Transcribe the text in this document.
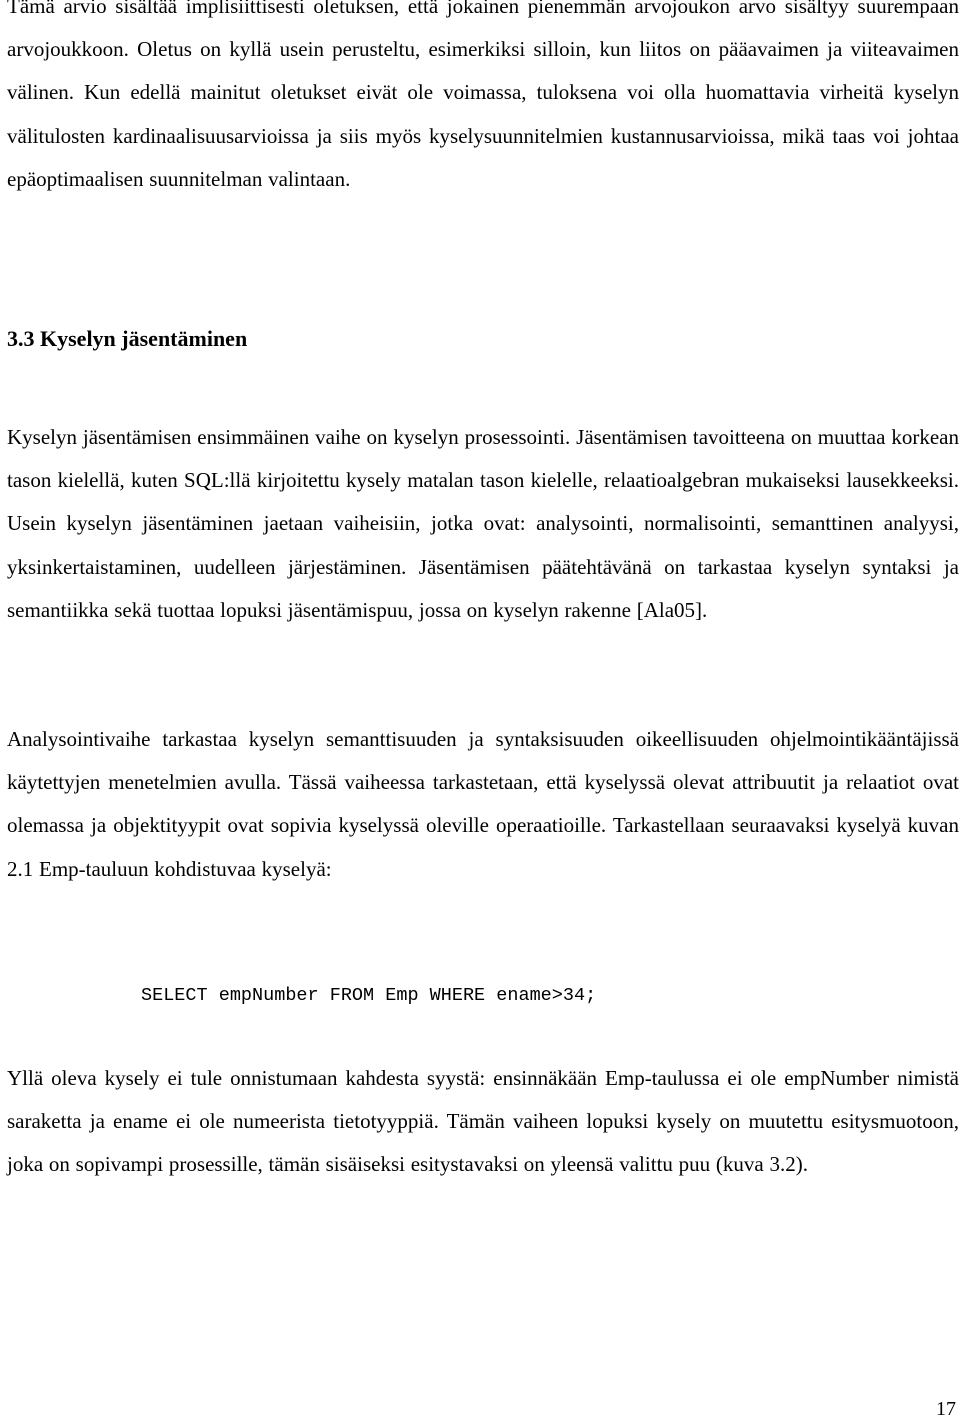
Tämä arvio sisältää implisiittisesti oletuksen, että jokainen pienemmän arvojoukon arvo sisältyy suurempaan arvojoukkoon. Oletus on kyllä usein perusteltu, esimerkiksi silloin, kun liitos on pääavaimen ja viiteavaimen välinen. Kun edellä mainitut oletukset eivät ole voimassa, tuloksena voi olla huomattavia virheitä kyselyn välitulosten kardinaalisuusarvioissa ja siis myös kyselysuunnitelmien kustannusarvioissa, mikä taas voi johtaa epäoptimaalisen suunnitelman valintaan.

3.3 Kyselyn jäsentäminen

Kyselyn jäsentämisen ensimmäinen vaihe on kyselyn prosessointi. Jäsentämisen tavoitteena on muuttaa korkean tason kielellä, kuten SQL:llä kirjoitettu kysely matalan tason kielelle, relaatioalgebran mukaiseksi lausekkeeksi. Usein kyselyn jäsentäminen jaetaan vaiheisiin, jotka ovat: analysointi, normalisointi, semanttinen analyysi, yksinkertaistaminen, uudelleen järjestäminen. Jäsentämisen päätehtävänä on tarkastaa kyselyn syntaksi ja semantiikka sekä tuottaa lopuksi jäsentämispuu, jossa on kyselyn rakenne [Ala05].

Analysointivaihe tarkastaa kyselyn semanttisuuden ja syntaksisuuden oikeellisuuden ohjelmointikääntäjissä käytettyjen menetelmien avulla. Tässä vaiheessa tarkastetaan, että kyselyssä olevat attribuutit ja relaatiot ovat olemassa ja objektityypit ovat sopivia kyselyssä oleville operaatioille. Tarkastellaan seuraavaksi kyselyä kuvan 2.1 Emp-tauluun kohdistuvaa kyselyä:

SELECT empNumber FROM Emp WHERE ename>34;

Yllä oleva kysely ei tule onnistumaan kahdesta syystä: ensinnäkään Emp-taulussa ei ole empNumber nimistä saraketta ja ename ei ole numeerista tietotyyppiä. Tämän vaiheen lopuksi kysely on muutettu esitysmuotoon, joka on sopivampi prosessille, tämän sisäiseksi esitystavaksi on yleensä valittu puu (kuva 3.2).

17
